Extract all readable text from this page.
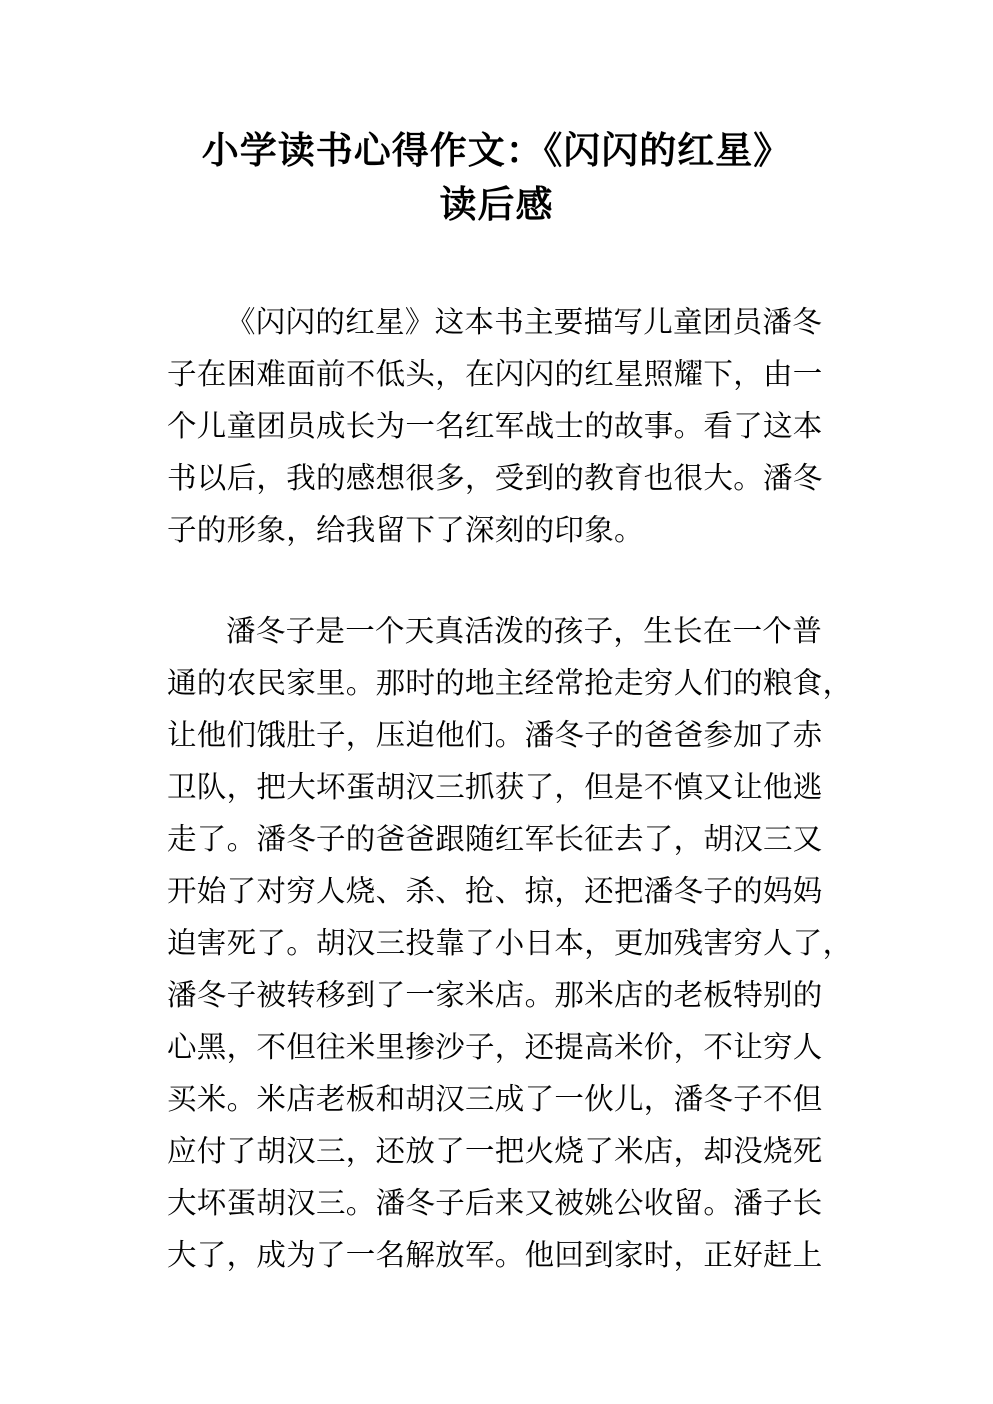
小学读书心得作文：《闪闪的红星》
读后感
《闪闪的红星》这本书主要描写儿童团员潘冬
子在困难面前不低头，在闪闪的红星照耀下，由一
个儿童团员成长为一名红军战士的故事。看了这本
书以后，我的感想很多，受到的教育也很大。潘冬
子的形象，给我留下了深刻的印象。
潘冬子是一个天真活泼的孩子，生长在一个普
通的农民家里。那时的地主经常抢走穷人们的粮食，
让他们饿肚子，压迫他们。潘冬子的爸爸参加了赤
卫队，把大坏蛋胡汉三抓获了，但是不慎又让他逃
走了。潘冬子的爸爸跟随红军长征去了，胡汉三又
开始了对穷人烧、杀、抢、掠，还把潘冬子的妈妈
迫害死了。胡汉三投靠了小日本，更加残害穷人了，
潘冬子被转移到了一家米店。那米店的老板特别的
心黑，不但往米里掺沙子，还提高米价，不让穷人
买米。米店老板和胡汉三成了一伙儿，潘冬子不但
应付了胡汉三，还放了一把火烧了米店，却没烧死
大坏蛋胡汉三。潘冬子后来又被姚公收留。潘子长
大了，成为了一名解放军。他回到家时，正好赶上
